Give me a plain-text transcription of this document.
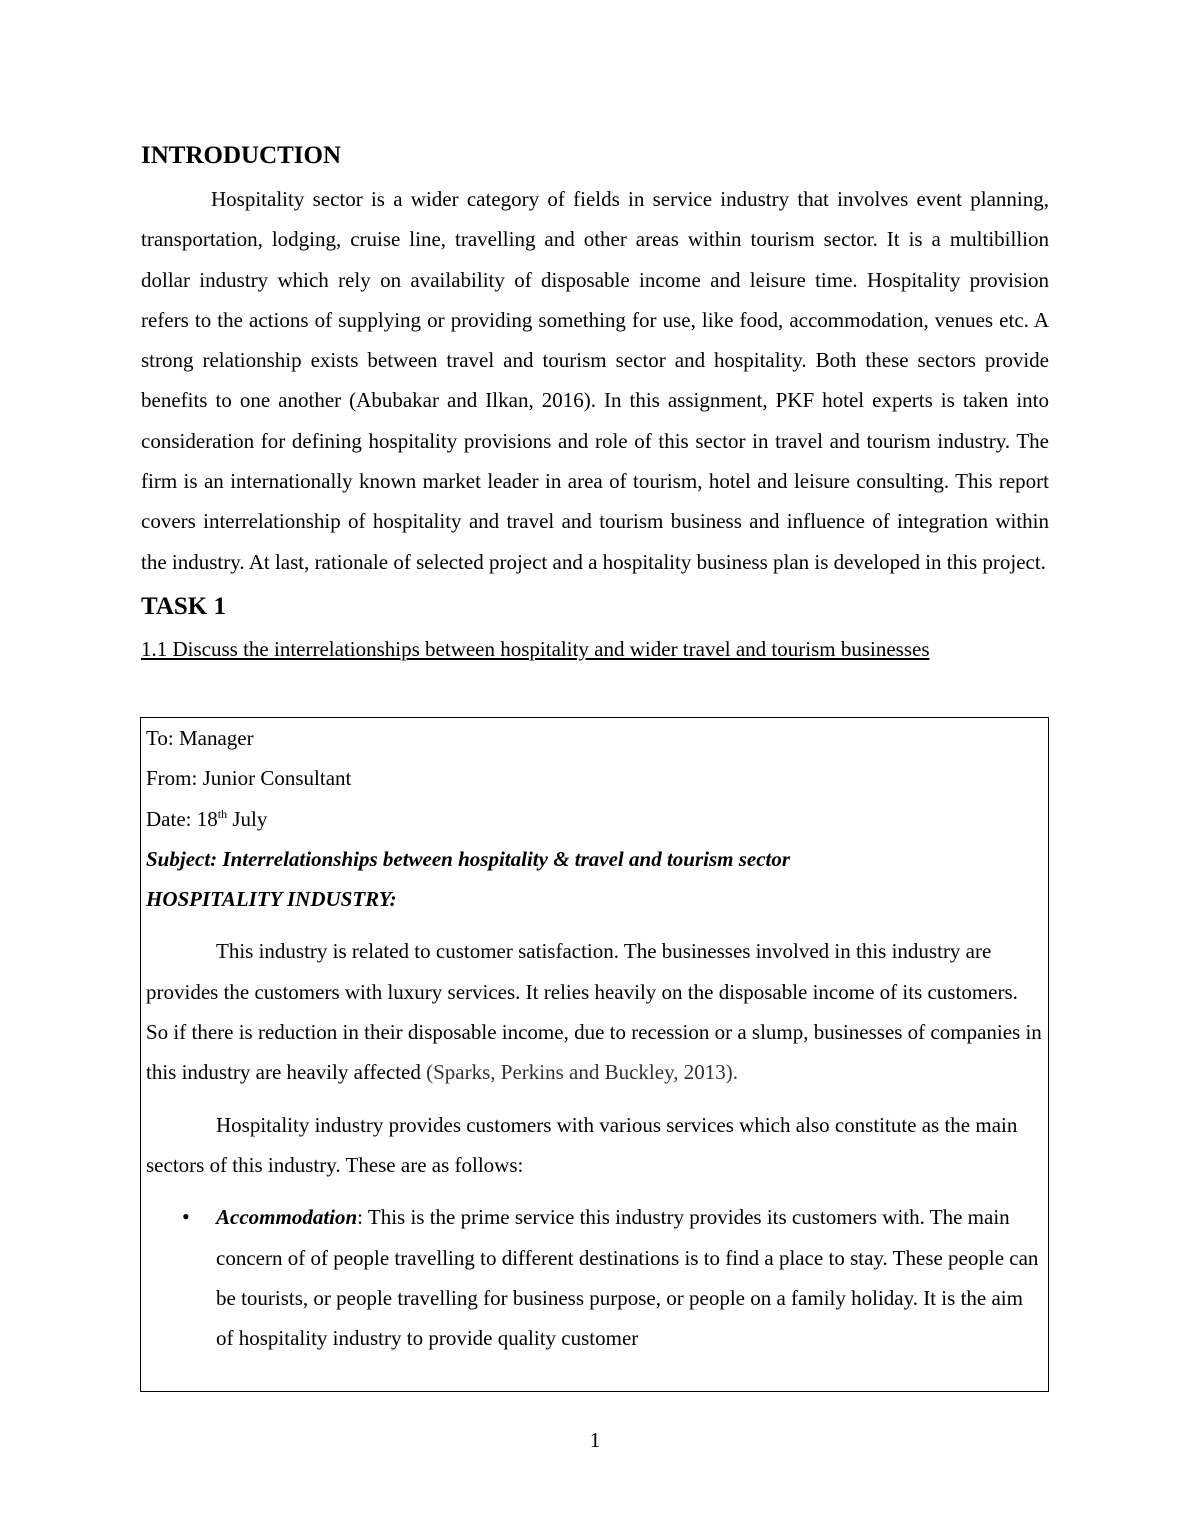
INTRODUCTION

Hospitality sector is a wider category of fields in service industry that involves event planning, transportation, lodging, cruise line, travelling and other areas within tourism sector. It is a multibillion dollar industry which rely on availability of disposable income and leisure time. Hospitality provision refers to the actions of supplying or providing something for use, like food, accommodation, venues etc. A strong relationship exists between travel and tourism sector and hospitality. Both these sectors provide benefits to one another (Abubakar and Ilkan, 2016). In this assignment, PKF hotel experts is taken into consideration for defining hospitality provisions and role of this sector in travel and tourism industry. The firm is an internationally known market leader in area of tourism, hotel and leisure consulting. This report covers interrelationship of hospitality and travel and tourism business and influence of integration within the industry. At last, rationale of selected project and a hospitality business plan is developed in this project.

TASK 1
1.1 Discuss the interrelationships between hospitality and wider travel and tourism businesses

To: Manager

From: Junior Consultant

Date: 18th July

Subject: Interrelationships between hospitality & travel and tourism sector

HOSPITALITY INDUSTRY:

This industry is related to customer satisfaction. The businesses involved in this industry are provides the customers with luxury services. It relies heavily on the disposable income of its customers. So if there is reduction in their disposable income, due to recession or a slump, businesses of companies in this industry are heavily affected (Sparks, Perkins and Buckley, 2013).

Hospitality industry provides customers with various services which also constitute as the main sectors of this industry. These are as follows:

• Accommodation: This is the prime service this industry provides its customers with. The main concern of of people travelling to different destinations is to find a place to stay. These people can be tourists, or people travelling for business purpose, or people on a family holiday. It is the aim of hospitality industry to provide quality customer
1
